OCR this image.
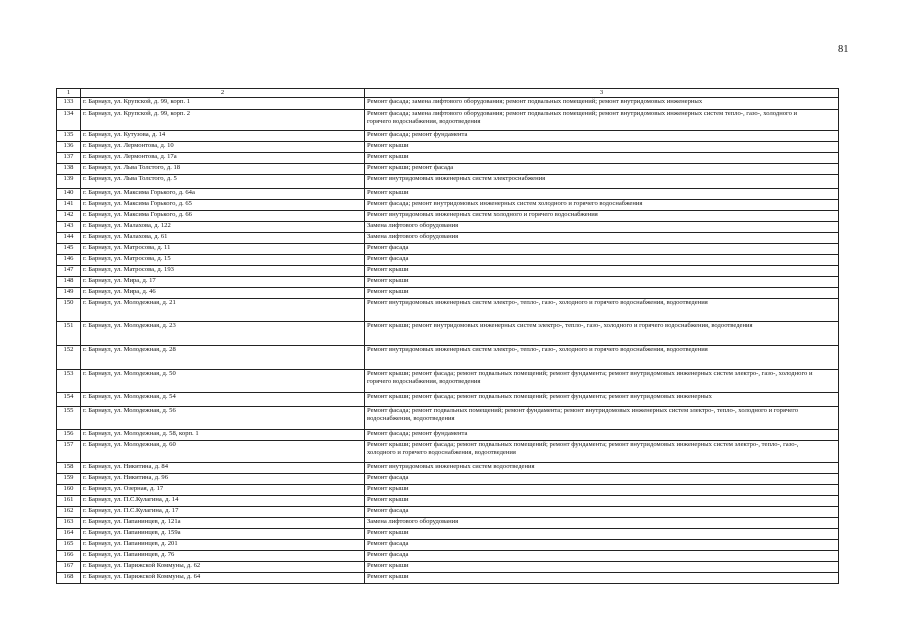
81
1	2	3
133	г. Барнаул, ул. Крупской, д. 99, корп. 1	Ремонт фасада; замена лифтового оборудования; ремонт подвальных помещений; ремонт внутридомовых инженерных
134	г. Барнаул, ул. Крупской, д. 99, корп. 2	Ремонт фасада; замена лифтового оборудования; ремонт подвальных помещений; ремонт внутридомовых инженерных систем тепло-, газо-, холодного и горячего водоснабжения, водоотведения
135	г. Барнаул, ул. Кутузова, д. 14	Ремонт фасада; ремонт фундамента
136	г. Барнаул, ул. Лермонтова, д. 10	Ремонт крыши
137	г. Барнаул, ул. Лермонтова, д. 17а	Ремонт крыши
138	г. Барнаул, ул. Льва Толстого, д. 18	Ремонт крыши; ремонт фасада
139	г. Барнаул, ул. Льва Толстого, д. 5	Ремонт внутридомовых инженерных систем электроснабжения
140	г. Барнаул, ул. Максима Горького, д. 64а	Ремонт крыши
141	г. Барнаул, ул. Максима Горького, д. 65	Ремонт фасада; ремонт внутридомовых инженерных систем холодного и горячего водоснабжения
142	г. Барнаул, ул. Максима Горького, д. 66	Ремонт внутридомовых инженерных систем холодного и горячего водоснабжения
143	г. Барнаул, ул. Малахова, д. 122	Замена лифтового оборудования
144	г. Барнаул, ул. Малахова, д. 61	Замена лифтового оборудования
145	г. Барнаул, ул. Матросова, д. 11	Ремонт фасада
146	г. Барнаул, ул. Матросова, д. 15	Ремонт фасада
147	г. Барнаул, ул. Матросова, д. 193	Ремонт крыши
148	г. Барнаул, ул. Мира, д. 17	Ремонт крыши
149	г. Барнаул, ул. Мира, д. 46	Ремонт крыши
150	г. Барнаул, ул. Молодежная, д. 21	Ремонт внутридомовых инженерных систем электро-, тепло-, газо-, холодного и горячего водоснабжения, водоотведения
151	г. Барнаул, ул. Молодежная, д. 23	Ремонт крыши; ремонт внутридомовых инженерных систем электро-, тепло-, газо-, холодного и горячего водоснабжения, водоотведения
152	г. Барнаул, ул. Молодежная, д. 28	Ремонт внутридомовых инженерных систем электро-, тепло-, газо-, холодного и горячего водоснабжения, водоотведения
153	г. Барнаул, ул. Молодежная, д. 50	Ремонт крыши; ремонт фасада; ремонт подвальных помещений; ремонт фундамента; ремонт внутридомовых инженерных систем электро-, газо-, холодного и горячего водоснабжения, водоотведения
154	г. Барнаул, ул. Молодежная, д. 54	Ремонт крыши; ремонт фасада; ремонт подвальных помещений; ремонт фундамента; ремонт внутридомовых инженерных
155	г. Барнаул, ул. Молодежная, д. 56	Ремонт фасада; ремонт подвальных помещений; ремонт фундамента; ремонт внутридомовых инженерных систем электро-, тепло-, холодного и горячего водоснабжения, водоотведения
156	г. Барнаул, ул. Молодежная, д. 58, корп. 1	Ремонт фасада; ремонт фундамента
157	г. Барнаул, ул. Молодежная, д. 60	Ремонт крыши; ремонт фасада; ремонт подвальных помещений; ремонт фундамента; ремонт внутридомовых инженерных систем электро-, тепло-, газо-, холодного и горячего водоснабжения, водоотведения
158	г. Барнаул, ул. Никитина, д. 84	Ремонт внутридомовых инженерных систем водоотведения
159	г. Барнаул, ул. Никитина, д. 96	Ремонт фасада
160	г. Барнаул, ул. Озерная, д. 17	Ремонт крыши
161	г. Барнаул, ул. П.С.Кулагина, д. 14	Ремонт крыши
162	г. Барнаул, ул. П.С.Кулагина, д. 17	Ремонт фасада
163	г. Барнаул, ул. Папанинцев, д. 121а	Замена лифтового оборудования
164	г. Барнаул, ул. Папанинцев, д. 159а	Ремонт крыши
165	г. Барнаул, ул. Папанинцев, д. 201	Ремонт фасада
166	г. Барнаул, ул. Папанинцев, д. 76	Ремонт фасада
167	г. Барнаул, ул. Парижской Коммуны, д. 62	Ремонт крыши
168	г. Барнаул, ул. Парижской Коммуны, д. 64	Ремонт крыши
